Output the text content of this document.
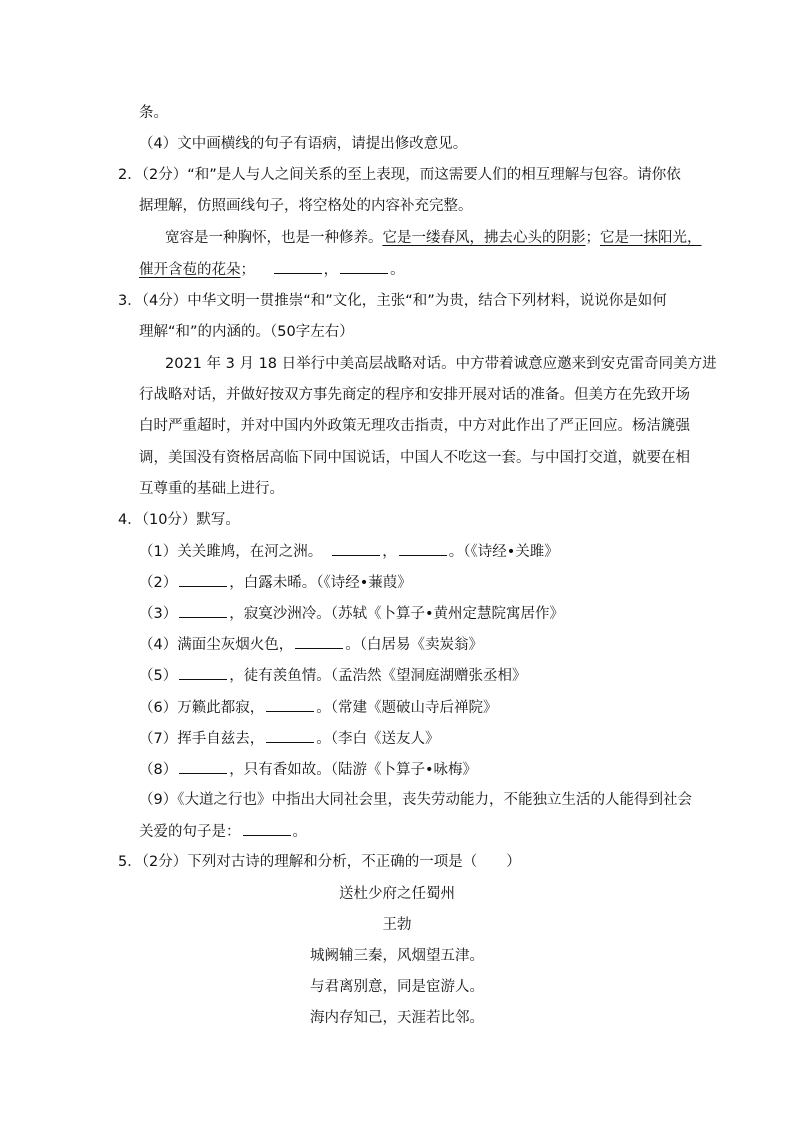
条。
（4）文中画横线的句子有语病，请提出修改意见。
2．（2分）“和”是人与人之间关系的至上表现，而这需要人们的相互理解与包容。请你依
据理解，仿照画线句子，将空格处的内容补充完整。
宽容是一种胸怀，也是一种修养。它是一缕春风，拂去心头的阴影；它是一抹阳光，
催开含苞的花朵；	，	。
3．（4分）中华文明一贯推崇“和”文化，主张“和”为贵，结合下列材料，说说你是如何
理解“和”的内涵的。（50字左右）
2021 年 3 月 18 日举行中美高层战略对话。中方带着诚意应邀来到安克雷奇同美方进
行战略对话，并做好按双方事先商定的程序和安排开展对话的准备。但美方在先致开场
白时严重超时，并对中国内外政策无理攻击指责，中方对此作出了严正回应。杨洁篪强
调，美国没有资格居高临下同中国说话，中国人不吃这一套。与中国打交道，就要在相
互尊重的基础上进行。
4．（10分）默写。
（1）关关雎鸠，在河之洲。	，	。（《诗经•关雎》
（2）	，白露未晞。（《诗经•蒹葭》
（3）	，寂寞沙洲冷。（苏轼《卜算子•黄州定慧院寓居作》
（4）满面尘灰烟火色，	。（白居易《卖炭翁》
（5）	，徒有羡鱼情。（孟浩然《望洞庭湖赠张丞相》
（6）万籁此都寂，	。（常建《题破山寺后禅院》
（7）挥手自兹去，	。（李白《送友人》
（8）	，只有香如故。（陆游《卜算子•咏梅》
（9）《大道之行也》中指出大同社会里，丧失劳动能力，不能独立生活的人能得到社会
关爱的句子是：	。
5．（2分）下列对古诗的理解和分析，不正确的一项是（　　）
送杜少府之任蜀州
王勃
城阙辅三秦，风烟望五津。
与君离别意，同是宦游人。
海内存知己，天涯若比邻。
